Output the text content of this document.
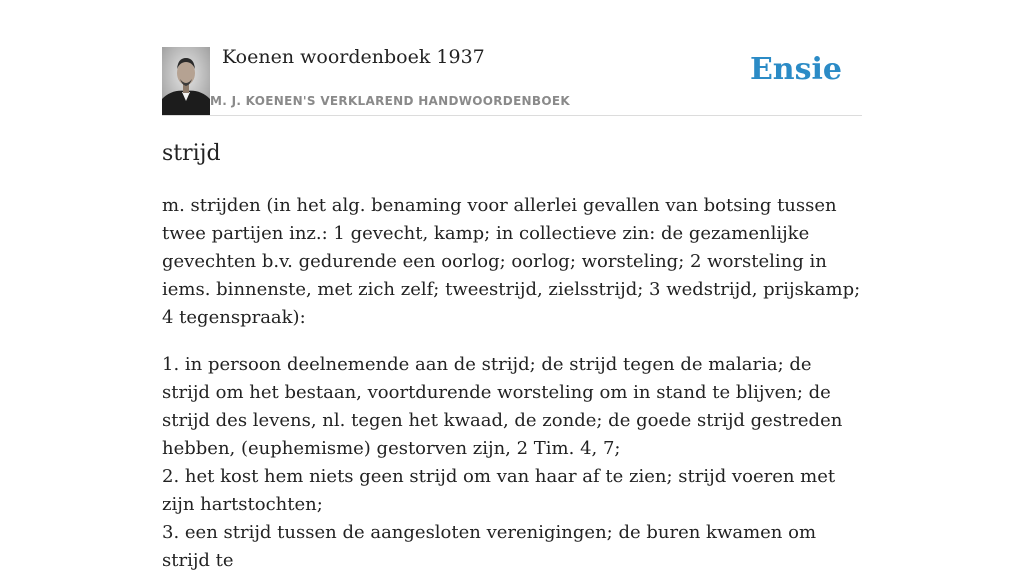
Koenen woordenboek 1937
M. J. KOENEN'S VERKLAREND HANDWOORDENBOEK
Ensie
strijd

m. strijden (in het alg. benaming voor allerlei gevallen van botsing tussen twee partijen inz.: 1 gevecht, kamp; in collectieve zin: de gezamenlijke gevechten b.v. gedurende een oorlog; oorlog; worsteling; 2 worsteling in iems. binnenste, met zich zelf; tweestrijd, zielsstrijd; 3 wedstrijd, prijskamp; 4 tegenspraak):

1. in persoon deelnemende aan de strijd; de strijd tegen de malaria; de strijd om het bestaan, voortdurende worsteling om in stand te blijven; de strijd des levens, nl. tegen het kwaad, de zonde; de goede strijd gestreden hebben, (euphemisme) gestorven zijn, 2 Tim. 4, 7;
2. het kost hem niets geen strijd om van haar af te zien; strijd voeren met zijn hartstochten;
3. een strijd tussen de aangesloten verenigingen; de buren kwamen om strijd te
